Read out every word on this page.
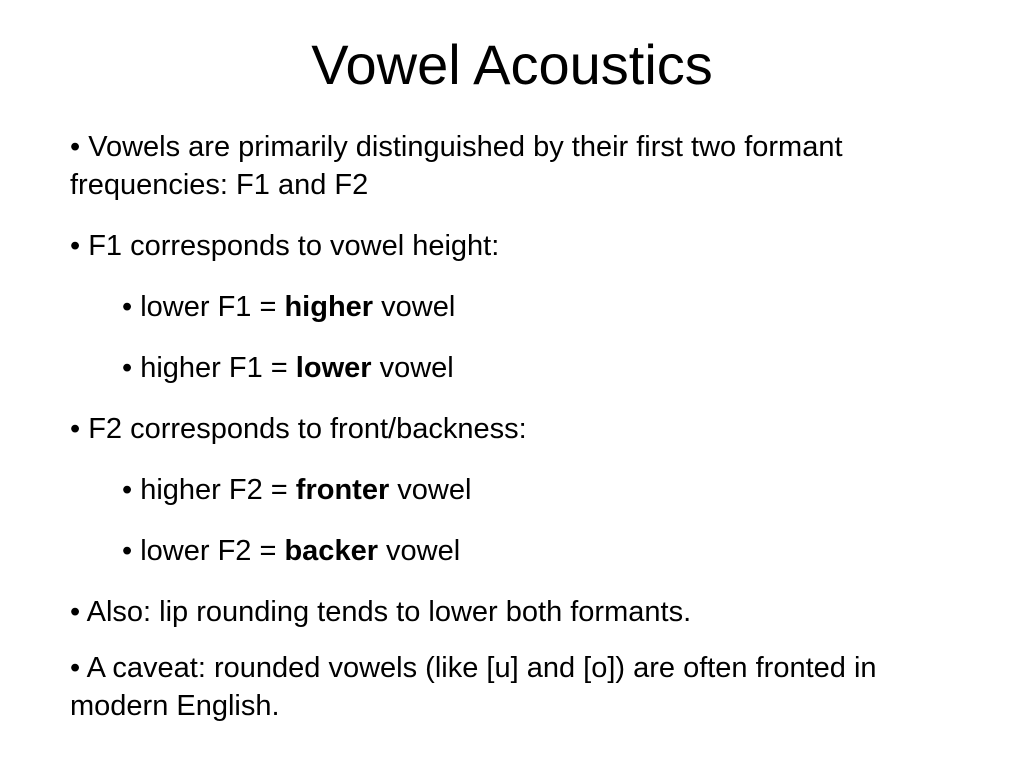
Vowel Acoustics
• Vowels are primarily distinguished by their first two formant frequencies: F1 and F2
• F1 corresponds to vowel height:
• lower F1 = higher vowel
• higher F1 = lower vowel
• F2 corresponds to front/backness:
• higher F2 = fronter vowel
• lower F2 = backer vowel
• Also: lip rounding tends to lower both formants.
• A caveat: rounded vowels (like [u] and [o]) are often fronted in modern English.
